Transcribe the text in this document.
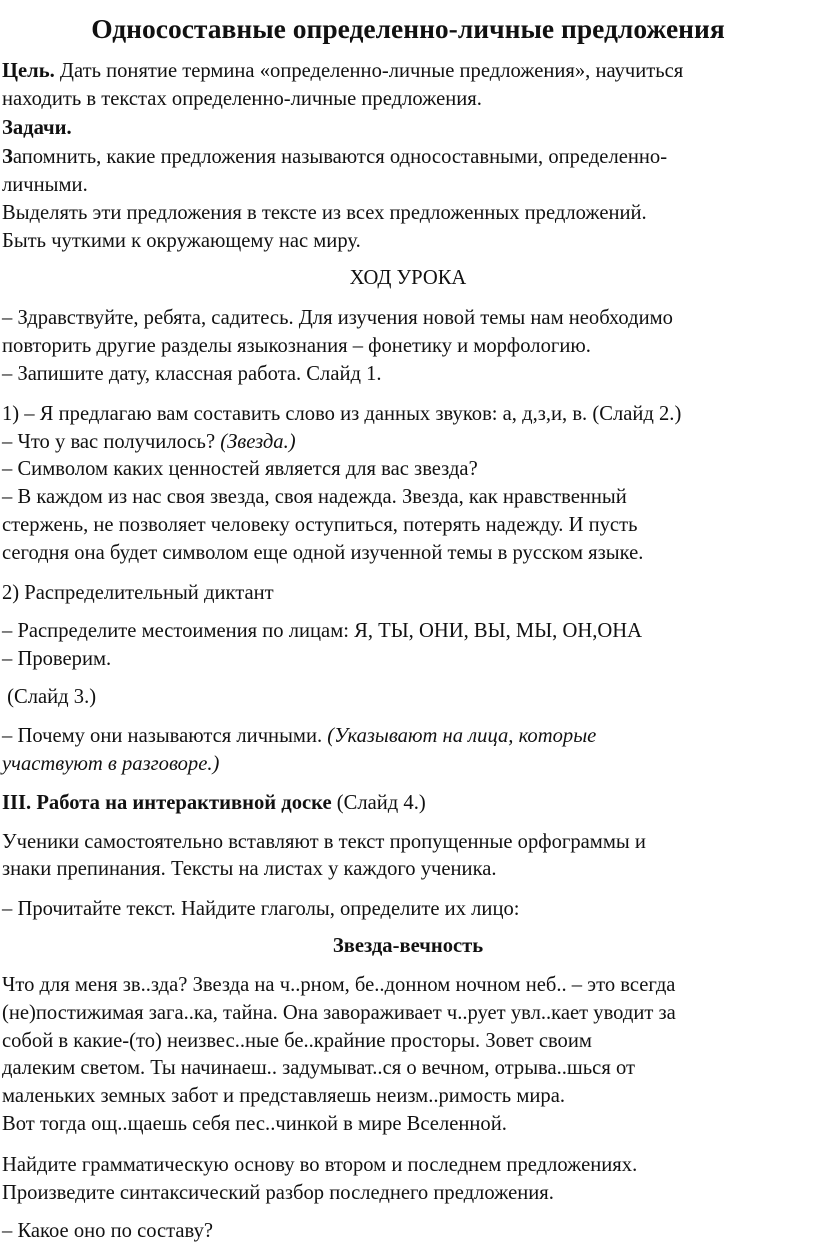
Односоставные определенно-личные предложения

Цель. Дать понятие термина «определенно-личные предложения», научиться

находить в текстах определенно-личные предложения.

Задачи.

Запомнить, какие предложения называются односоставными, определенно-

личными.

Выделять эти предложения в тексте из всех предложенных предложений.

Быть чуткими к окружающему нас миру.

ХОД УРОКА

– Здравствуйте, ребята, садитесь. Для изучения новой темы нам необходимо

повторить другие разделы языкознания – фонетику и морфологию.

– Запишите дату, классная работа. Слайд 1.

1) – Я предлагаю вам составить слово из данных звуков: а, д,з,и, в. (Слайд 2.)

– Что у вас получилось? (Звезда.)

– Символом каких ценностей является для вас звезда?

– В каждом из нас своя звезда, своя надежда. Звезда, как нравственный

стержень, не позволяет человеку оступиться, потерять надежду. И пусть

сегодня она будет символом еще одной изученной темы в русском языке.

2) Распределительный диктант

– Распределите местоимения по лицам: Я, ТЫ, ОНИ, ВЫ, МЫ, ОН,ОНА

– Проверим.

(Слайд 3.)

– Почему они называются личными. (Указывают на лица, которые

участвуют в разговоре.)

III. Работа на интерактивной доске (Слайд 4.)

Ученики самостоятельно вставляют в текст пропущенные орфограммы и

знаки препинания. Тексты на листах у каждого ученика.

– Прочитайте текст. Найдите глаголы, определите их лицо:

Звезда-вечность

Что для меня зв..зда? Звезда на ч..рном, бе..донном ночном неб.. – это всегда

(не)постижимая зага..ка, тайна. Она завораживает ч..рует увл..кает уводит за

собой в какие-(то) неизвес..ные бе..крайние просторы. Зовет своим

далеким светом. Ты начинаеш.. задумыват..ся о вечном, отрыва..шься от

маленьких земных забот и представляешь неизм..римость мира.

Вот тогда ощ..щаешь себя пес..чинкой в мире Вселенной.

Найдите грамматическую основу во втором и последнем предложениях.

Произведите синтаксический разбор последнего предложения.

– Какое оно по составу?
